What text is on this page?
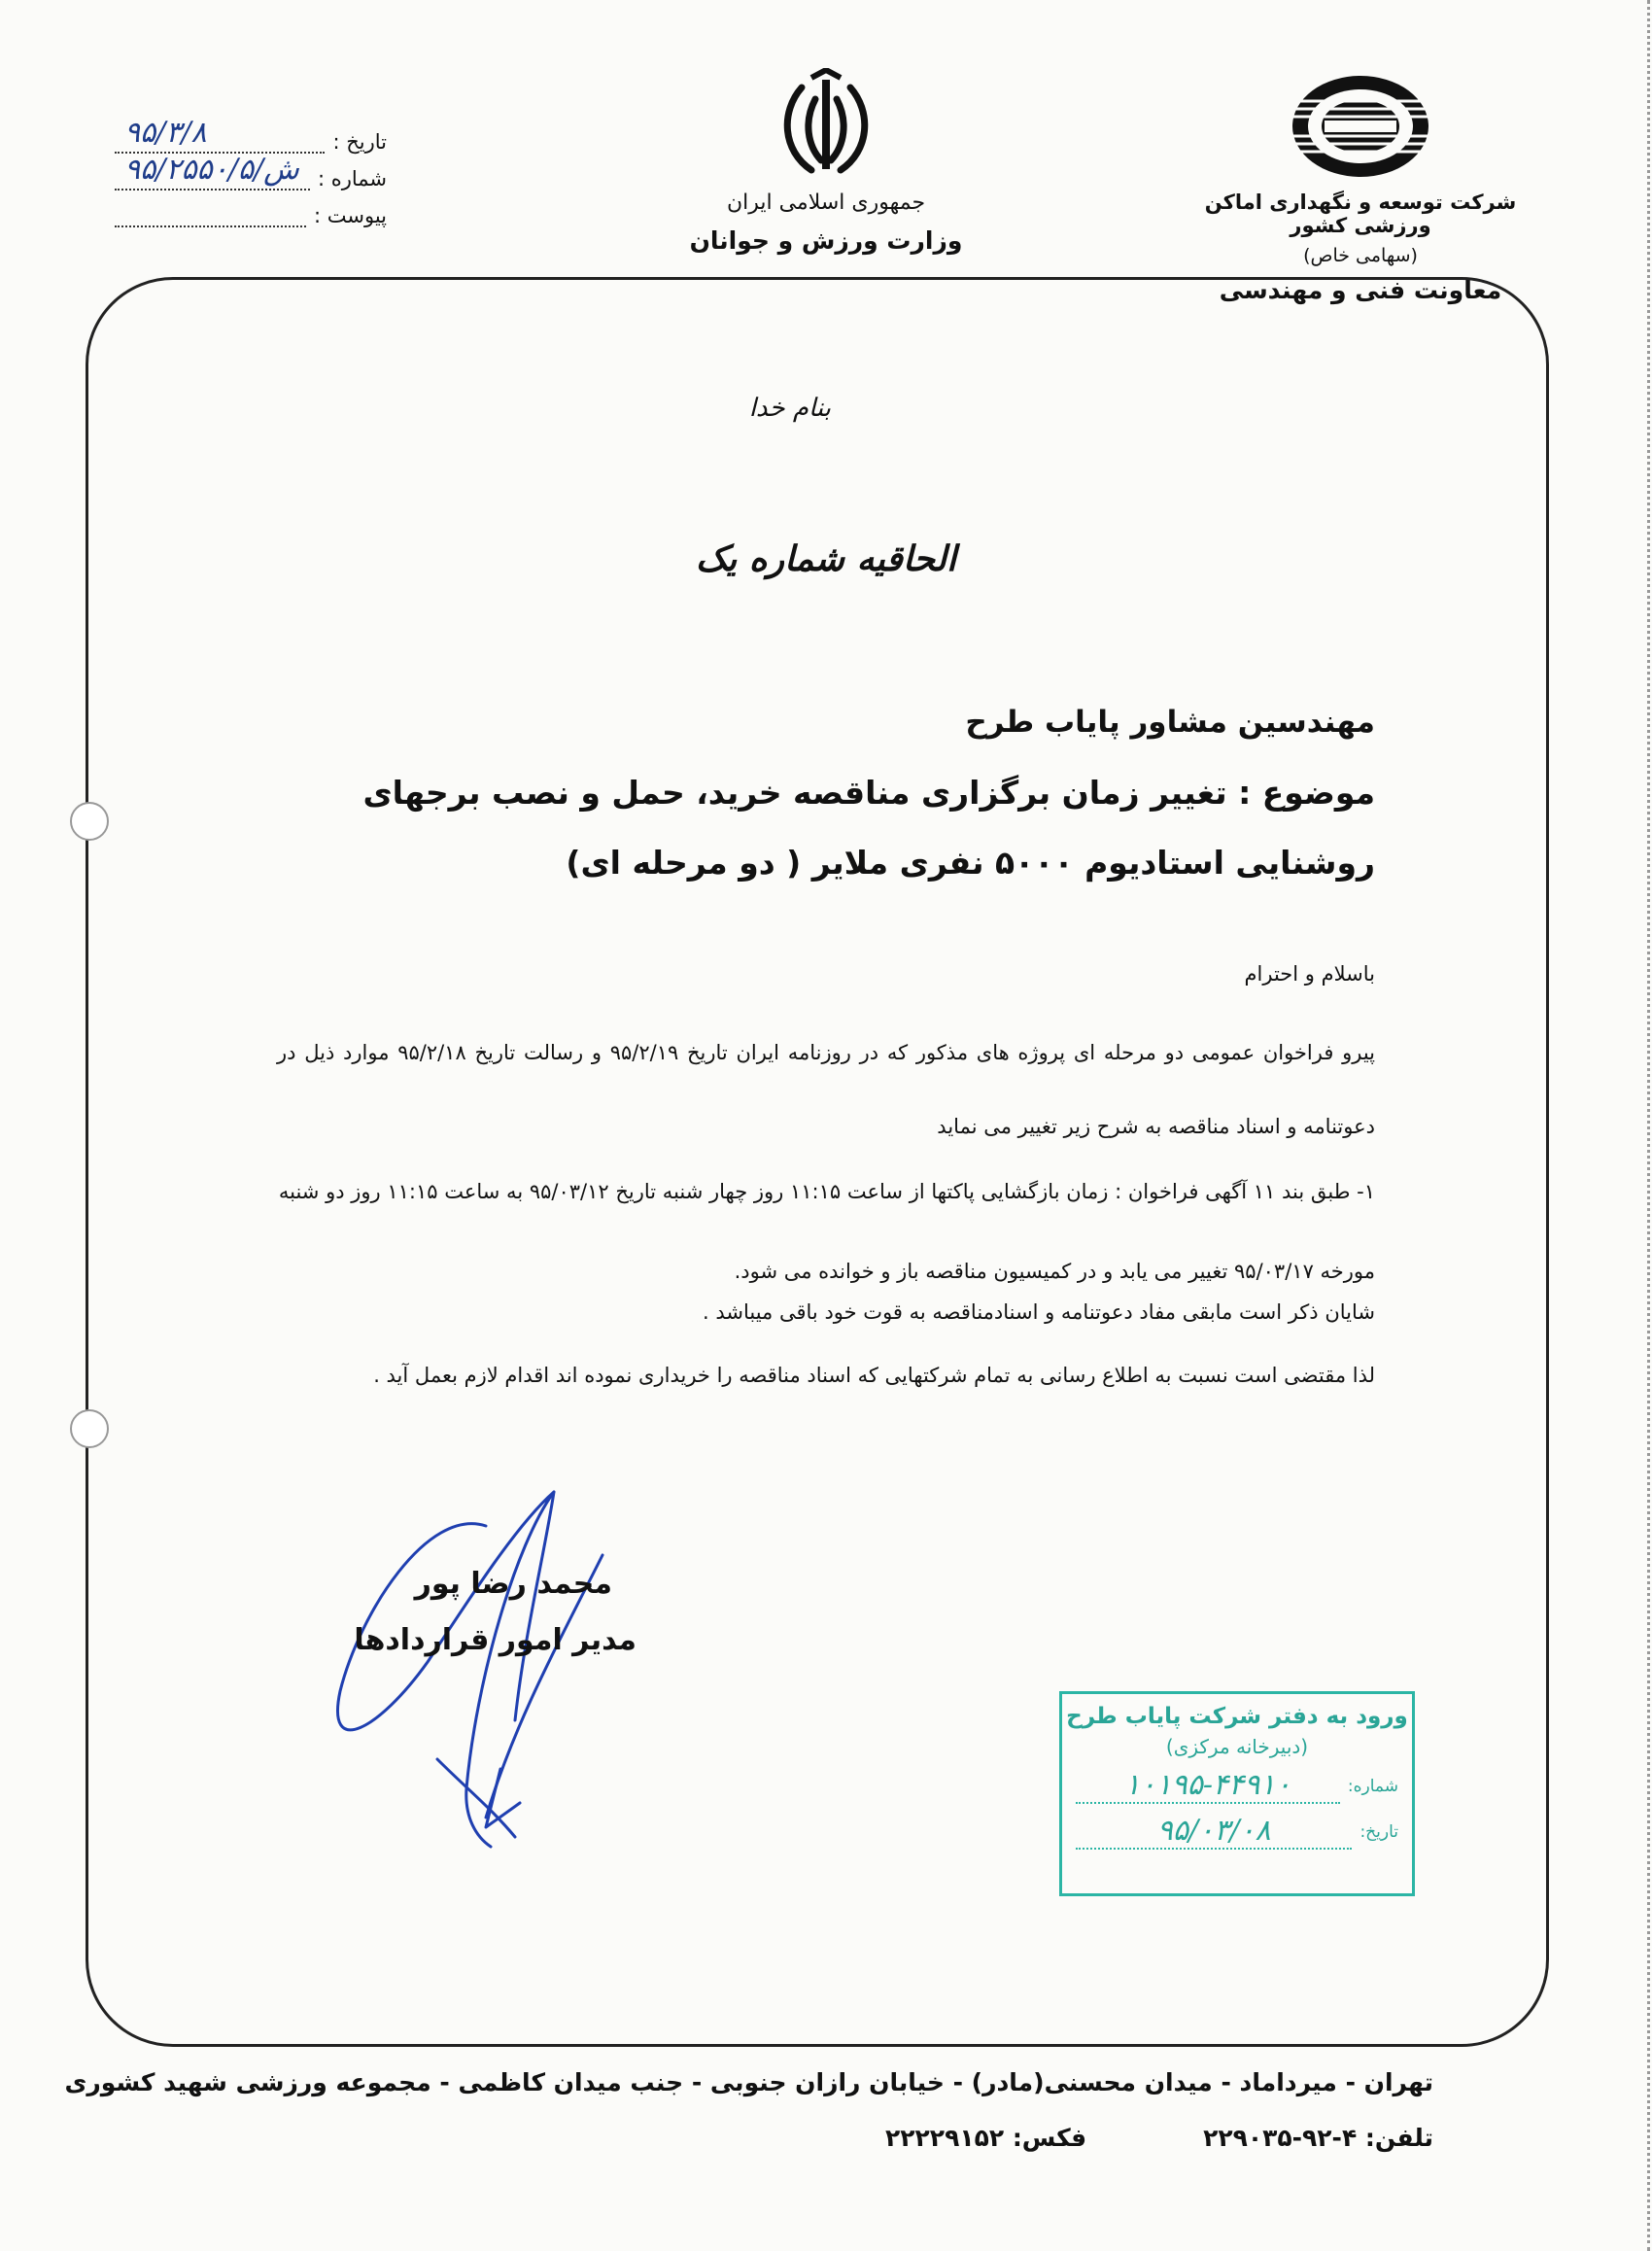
شرکت توسعه و نگهداری اماکن ورزشی کشور
(سهامی خاص)
معاونت فنی و مهندسی
جمهوری اسلامی ایران
وزارت ورزش و جوانان
تاریخ :
۹۵/۳/۸
شماره :
۹۵/۲۵۵۰/۵/ش
پیوست :
بنام خدا
الحاقیه شماره یک
مهندسین مشاور پایاب طرح
موضوع : تغییر زمان برگزاری مناقصه خرید، حمل و نصب برجهای روشنایی استادیوم ۵۰۰۰ نفری ملایر ( دو مرحله ای)
باسلام و احترام
پیرو فراخوان عمومی دو مرحله ای پروژه های مذکور که در روزنامه ایران تاریخ ۹۵/۲/۱۹ و رسالت تاریخ ۹۵/۲/۱۸ موارد ذیل در دعوتنامه و اسناد مناقصه به شرح زیر تغییر می نماید
۱- طبق بند ۱۱ آگهی فراخوان : زمان بازگشایی پاکتها از ساعت ۱۱:۱۵ روز چهار شنبه تاریخ ۹۵/۰۳/۱۲ به ساعت ۱۱:۱۵ روز دو شنبه مورخه ۹۵/۰۳/۱۷ تغییر می یابد و در کمیسیون مناقصه باز و خوانده می شود.
شایان ذکر است مابقی مفاد دعوتنامه و اسنادمناقصه به قوت خود باقی میباشد .
لذا مقتضی است نسبت به اطلاع رسانی به تمام شرکتهایی که اسناد مناقصه را خریداری نموده اند اقدام لازم بعمل آید .
محمد رضا پور
مدیر امور قراردادها
ورود به دفتر شرکت پایاب طرح
(دبیرخانه مرکزی)
شماره:
۱۰۱۹۵-۴۴۹۱۰
تاریخ:
۹۵/۰۳/۰۸
تهران - میرداماد - میدان محسنی(مادر) - خیابان رازان جنوبی - جنب میدان کاظمی - مجموعه ورزشی شهید کشوری
تلفن: ۴-۹۲-۲۲۹۰۳۵
فکس: ۲۲۲۲۹۱۵۲
